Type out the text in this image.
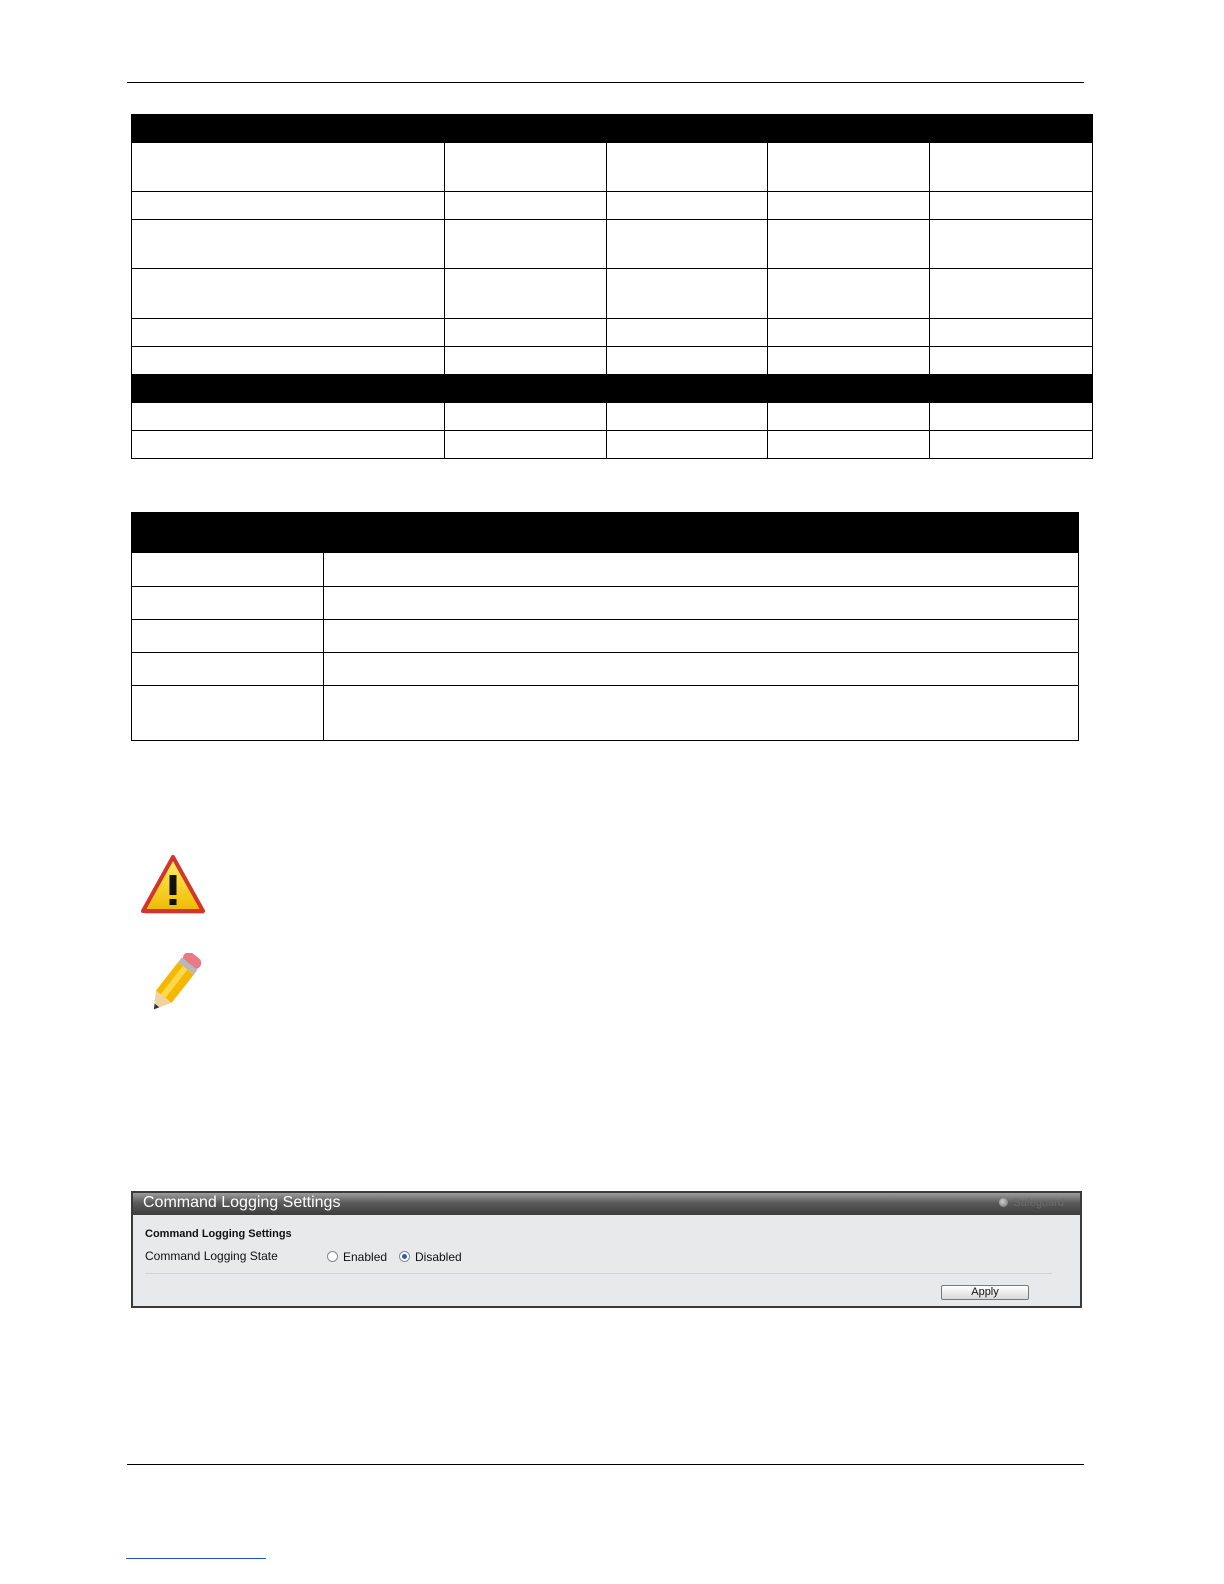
Command Logging Settings	Safeguard
Command Logging Settings
Command Logging State	Enabled	Disabled
Apply
